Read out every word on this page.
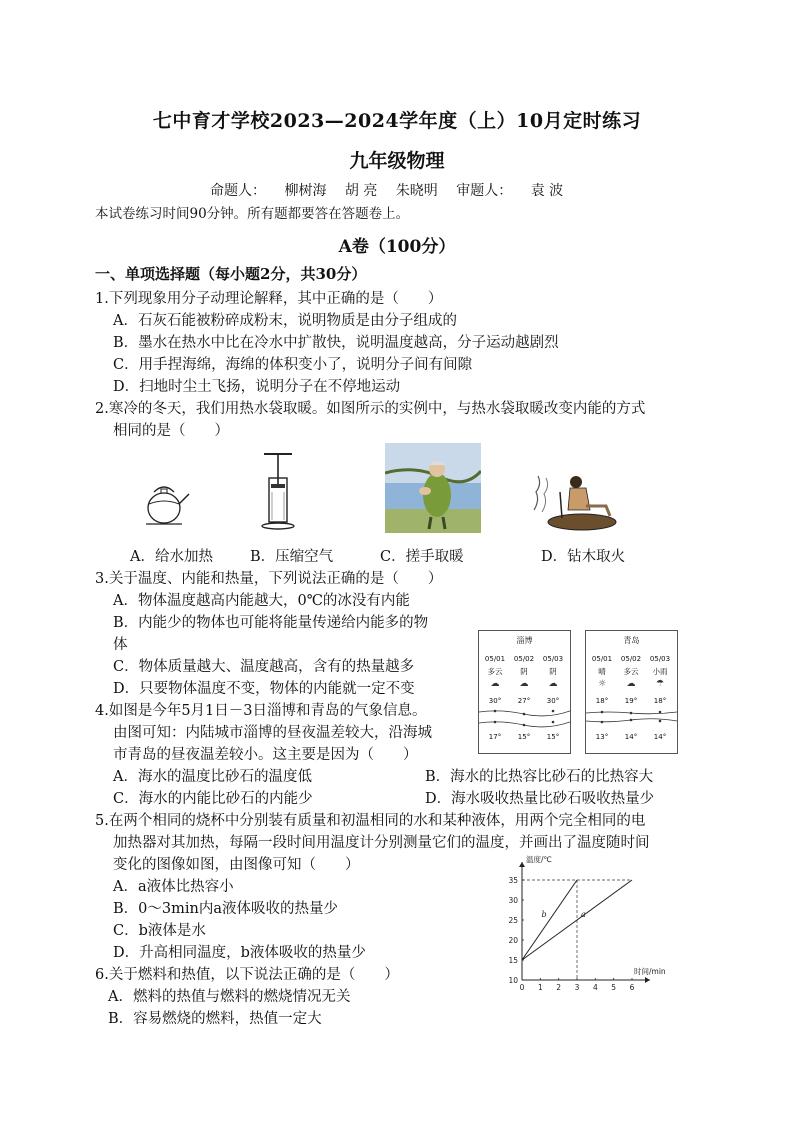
七中育才学校2023—2024学年度（上）10月定时练习
九年级物理
命题人： 柳树海 胡 亮 朱晓明 审题人： 袁 波
本试卷练习时间90分钟。所有题都要答在答题卷上。
A卷（100分）
一、单项选择题（每小题2分，共30分）
1.下列现象用分子动理论解释，其中正确的是（　　）
A．石灰石能被粉碎成粉末，说明物质是由分子组成的
B．墨水在热水中比在冷水中扩散快，说明温度越高，分子运动越剧烈
C．用手捏海绵，海绵的体积变小了，说明分子间有间隙
D．扫地时尘土飞扬，说明分子在不停地运动
2.寒冷的冬天，我们用热水袋取暖。如图所示的实例中，与热水袋取暖改变内能的方式
相同的是（　　）
A．给水加热	B．压缩空气	C．搓手取暖	D．钻木取火
3.关于温度、内能和热量，下列说法正确的是（　　）
A．物体温度越高内能越大，0℃的冰没有内能
B．内能少的物体也可能将能量传递给内能多的物
体
C．物体质量越大、温度越高，含有的热量越多
D．只要物体温度不变，物体的内能就一定不变
淄博
05/01	05/02	05/03
多云	阴	阴
☁	☁	☁
30°	27°	30°
17°	15°	15°
青岛
05/01	05/02	05/03
晴	多云	小雨
☼	☁	☂
18°	19°	18°
13°	14°	14°
4.如图是今年5月1日－3日淄博和青岛的气象信息。
由图可知：内陆城市淄博的昼夜温差较大，沿海城
市青岛的昼夜温差较小。这主要是因为（　　）
A．海水的温度比砂石的温度低	B．海水的比热容比砂石的比热容大
C．海水的内能比砂石的内能少	D．海水吸收热量比砂石吸收热量少
5.在两个相同的烧杯中分别装有质量和初温相同的水和某种液体，用两个完全相同的电
加热器对其加热，每隔一段时间用温度计分别测量它们的温度，并画出了温度随时间
变化的图像如图，由图像可知（　　）
A．a液体比热容小
B．0～3min内a液体吸收的热量少
C．b液体是水
D．升高相同温度，b液体吸收的热量少
0 1 2 3 4 5 6
10
15
20
25
30
35
b	a
温度/℃
时间/min
6.关于燃料和热值，以下说法正确的是（　　）
A．燃料的热值与燃料的燃烧情况无关
B．容易燃烧的燃料，热值一定大
